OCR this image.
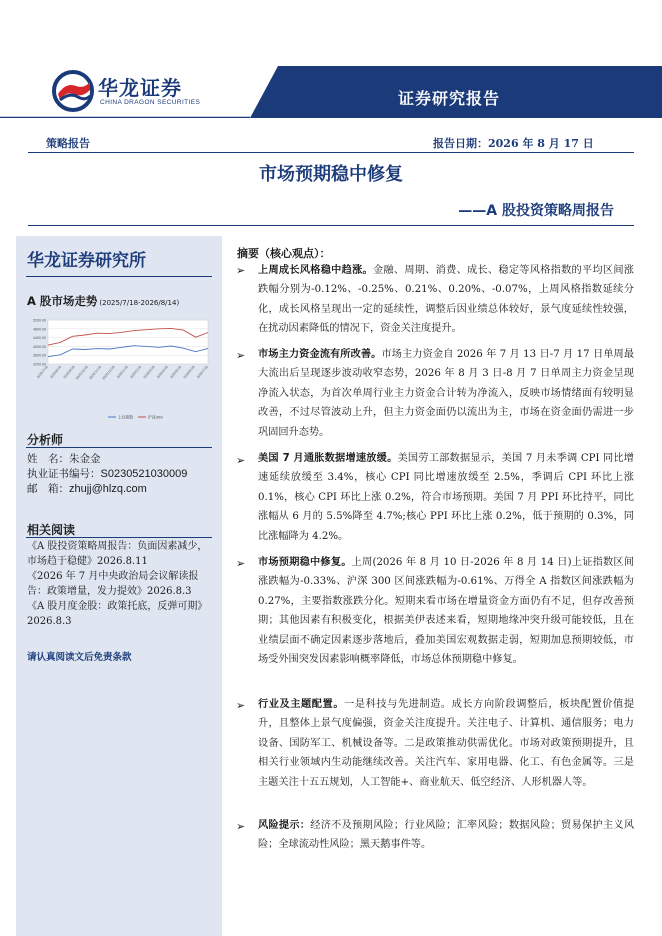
华龙证券
CHINA DRAGON SECURITIES	证券研究报告
策略报告	报告日期：2026 年 8 月 17 日
市场预期稳中修复
——A 股投资策略周报告
华龙证券研究所
A 股市场走势 (2025/7/18-2026/8/14)
5200.00
4800.00
4400.00
4000.00
3600.00
3200.00
2025/7/18 2025/8/18 2025/9/18 2025/10/18 2025/11/18 2025/12/18 2026/1/18 2026/2/18 2026/3/18 2026/4/18 2026/5/18 2026/6/18 2026/7/18
上证指数	沪深300
分析师
姓　名：朱金金
执业证书编号：S0230521030009
邮　箱：zhujj@hlzq.com
相关阅读
《A 股投资策略周报告：负面因素减少，市场趋于稳健》2026.8.11
《2026 年 7 月中央政治局会议解读报告：政策增量，发力提效》2026.8.3
《A 股月度金股：政策托底，反弹可期》2026.8.3
请认真阅读文后免责条款
摘要（核心观点）：
➢ 上周成长风格稳中趋涨。金融、周期、消费、成长、稳定等风格指数的平均区间涨跌幅分别为-0.12%、-0.25%、0.21%、0.20%、-0.07%，上周风格指数延续分化，成长风格呈现出一定的延续性，调整后因业绩总体较好，景气度延续性较强，在扰动因素降低的情况下，资金关注度提升。
➢ 市场主力资金流有所改善。市场主力资金自 2026 年 7 月 13 日-7 月 17 日单周最大流出后呈现逐步波动收窄态势，2026 年 8 月 3 日-8 月 7 日单周主力资金呈现净流入状态，为首次单周行业主力资金合计转为净流入，反映市场情绪面有较明显改善，不过尽管波动上升，但主力资金面仍以流出为主，市场在资金面仍需进一步巩固回升态势。
➢ 美国 7 月通胀数据增速放缓。美国劳工部数据显示，美国 7 月未季调 CPI 同比增速延续放缓至 3.4%，核心 CPI 同比增速放缓至 2.5%，季调后 CPI 环比上涨 0.1%，核心 CPI 环比上涨 0.2%，符合市场预期。美国 7 月 PPI 环比持平，同比涨幅从 6 月的 5.5%降至 4.7%;核心 PPI 环比上涨 0.2%，低于预期的 0.3%，同比涨幅降为 4.2%。
➢ 市场预期稳中修复。上周(2026 年 8 月 10 日-2026 年 8 月 14 日)上证指数区间涨跌幅为-0.33%、沪深 300 区间涨跌幅为-0.61%、万得全 A 指数区间涨跌幅为 0.27%，主要指数涨跌分化。短期来看市场在增量资金方面仍有不足，但存改善预期；其他因素有积极变化，根据美伊表述来看，短期地缘冲突升级可能较低，且在业绩层面不确定因素逐步落地后，叠加美国宏观数据走弱，短期加息预期较低，市场受外围突发因素影响概率降低，市场总体预期稳中修复。
➢ 行业及主题配置。一是科技与先进制造。成长方向阶段调整后，板块配置价值提升，且整体上景气度偏强，资金关注度提升。关注电子、计算机、通信服务；电力设备、国防军工、机械设备等。二是政策推动供需优化。市场对政策预期提升，且相关行业领域内生动能继续改善。关注汽车、家用电器、化工、有色金属等。三是主题关注十五五规划，人工智能+、商业航天、低空经济、人形机器人等。
➢ 风险提示：经济不及预期风险；行业风险；汇率风险；数据风险；贸易保护主义风险；全球流动性风险；黑天鹅事件等。
